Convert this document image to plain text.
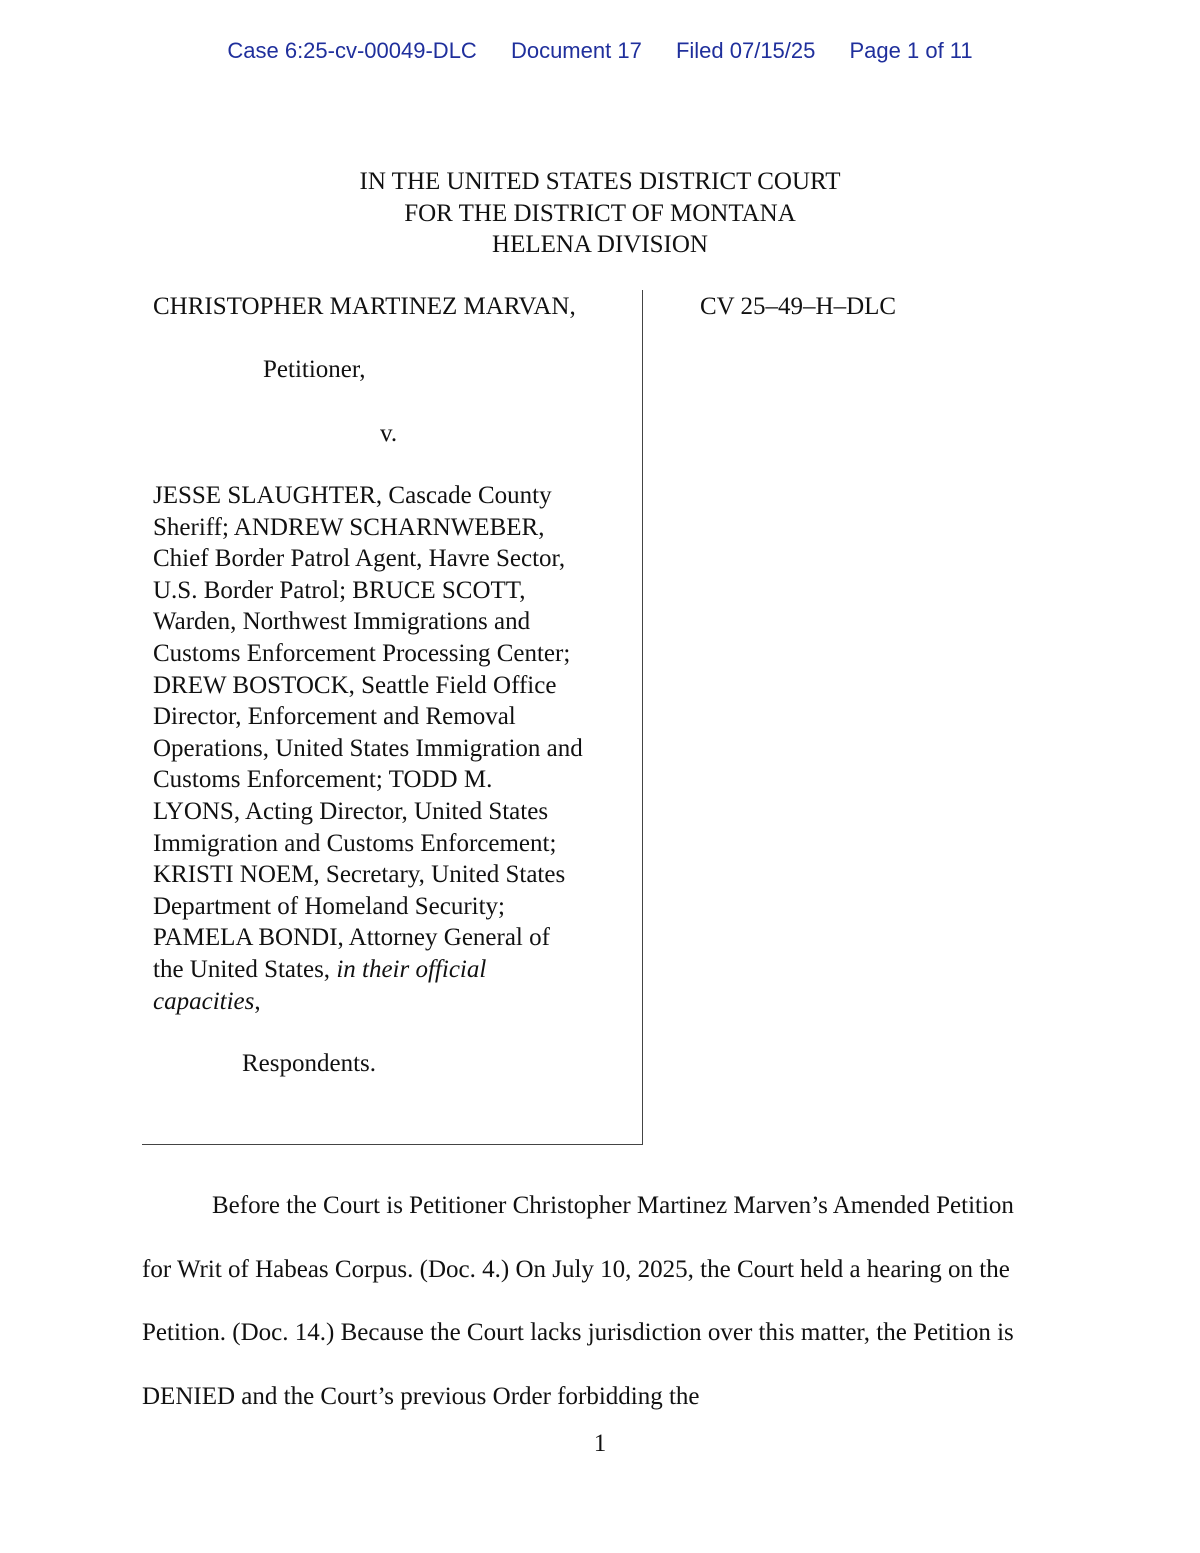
Case 6:25-cv-00049-DLC Document 17 Filed 07/15/25 Page 1 of 11
IN THE UNITED STATES DISTRICT COURT
FOR THE DISTRICT OF MONTANA
HELENA DIVISION
CHRISTOPHER MARTINEZ MARVAN,
Petitioner,
v.
JESSE SLAUGHTER, Cascade County
Sheriff; ANDREW SCHARNWEBER,
Chief Border Patrol Agent, Havre Sector,
U.S. Border Patrol; BRUCE SCOTT,
Warden, Northwest Immigrations and
Customs Enforcement Processing Center;
DREW BOSTOCK, Seattle Field Office
Director, Enforcement and Removal
Operations, United States Immigration and
Customs Enforcement; TODD M.
LYONS, Acting Director, United States
Immigration and Customs Enforcement;
KRISTI NOEM, Secretary, United States
Department of Homeland Security;
PAMELA BONDI, Attorney General of
the United States, in their official
capacities,
Respondents.
CV 25–49–H–DLC

Before the Court is Petitioner Christopher Martinez Marven’s Amended Petition for Writ of Habeas Corpus. (Doc. 4.) On July 10, 2025, the Court held a hearing on the Petition. (Doc. 14.) Because the Court lacks jurisdiction over this matter, the Petition is DENIED and the Court’s previous Order forbidding the

1
